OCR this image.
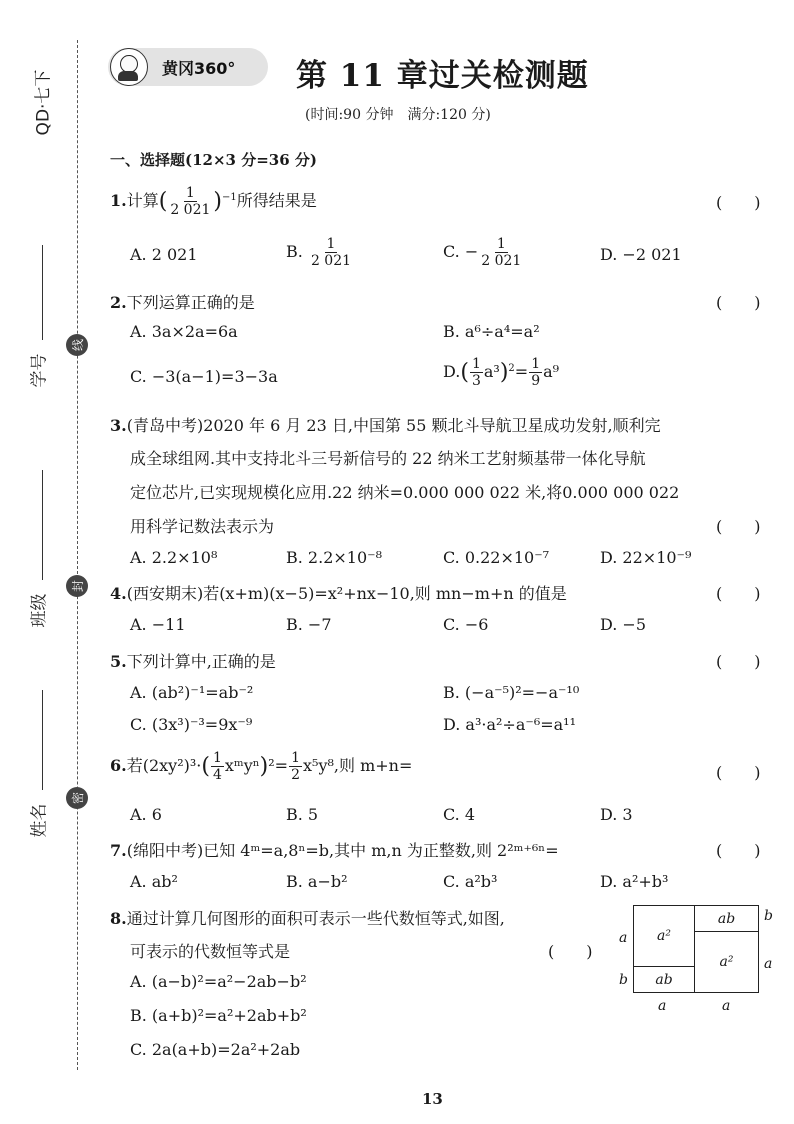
QD·七下
学号
班级
姓名
线
封
密
黄冈360° 第 11 章过关检测题
(时间:90 分钟　满分:120 分)
一、选择题(12×3 分=36 分)
1.计算( $\frac{1}{2 021} )^{-1}$所得结果是	(　　)
A. 2 021	B. $\frac{1}{2 021}$	C. − $\frac{1}{2 021}$	D. −2 021
2.下列运算正确的是	(　　)
A. 3a×2a=6a	B. a⁶÷a⁴=a²
C. −3(a−1)=3−3a	$D.( \frac{1}{3} a^3)^2= \frac{1}{9} a^9$
3.(青岛中考)2020 年 6 月 23 日,中国第 55 颗北斗导航卫星成功发射,顺利完
成全球组网.其中支持北斗三号新信号的 22 纳米工艺射频基带一体化导航
定位芯片,已实现规模化应用.22 纳米=0.000 000 022 米,将0.000 000 022
用科学记数法表示为	(　　)
A. 2.2×10⁸	B. 2.2×10⁻⁸	C. 0.22×10⁻⁷	D. 22×10⁻⁹
4.(西安期末)若(x+m)(x−5)=x²+nx−10,则 mn−m+n 的值是	(　　)
A. −11	B. −7	C. −6	D. −5
5.下列计算中,正确的是	(　　)
A. (ab²)⁻¹=ab⁻²	B. (−a⁻⁵)²=−a⁻¹⁰
C. (3x³)⁻³=9x⁻⁹	D. a³·a²÷a⁻⁶=a¹¹
6.若$(2xy^2)^3\cdot( \frac{1}{4}$ xᵐyⁿ)²= $\frac{1}{2} x^5y^8$,则 m+n=	(　　)
A. 6	B. 5	C. 4	D. 3
7.(绵阳中考)已知 4ᵐ=a,8ⁿ=b,其中 m,n 为正整数,则 2²ᵐ⁺⁶ⁿ=	(　　)
A. ab²	B. a−b²	C. a²b³	D. a²+b³
8.通过计算几何图形的面积可表示一些代数恒等式,如图,
可表示的代数恒等式是	(　　)
A. (a−b)²=a²−2ab−b²
B. (a+b)²=a²+2ab+b²
C. 2a(a+b)=2a²+2ab
a²
ab
ab
a²
a
b
b
a
a	a
13
